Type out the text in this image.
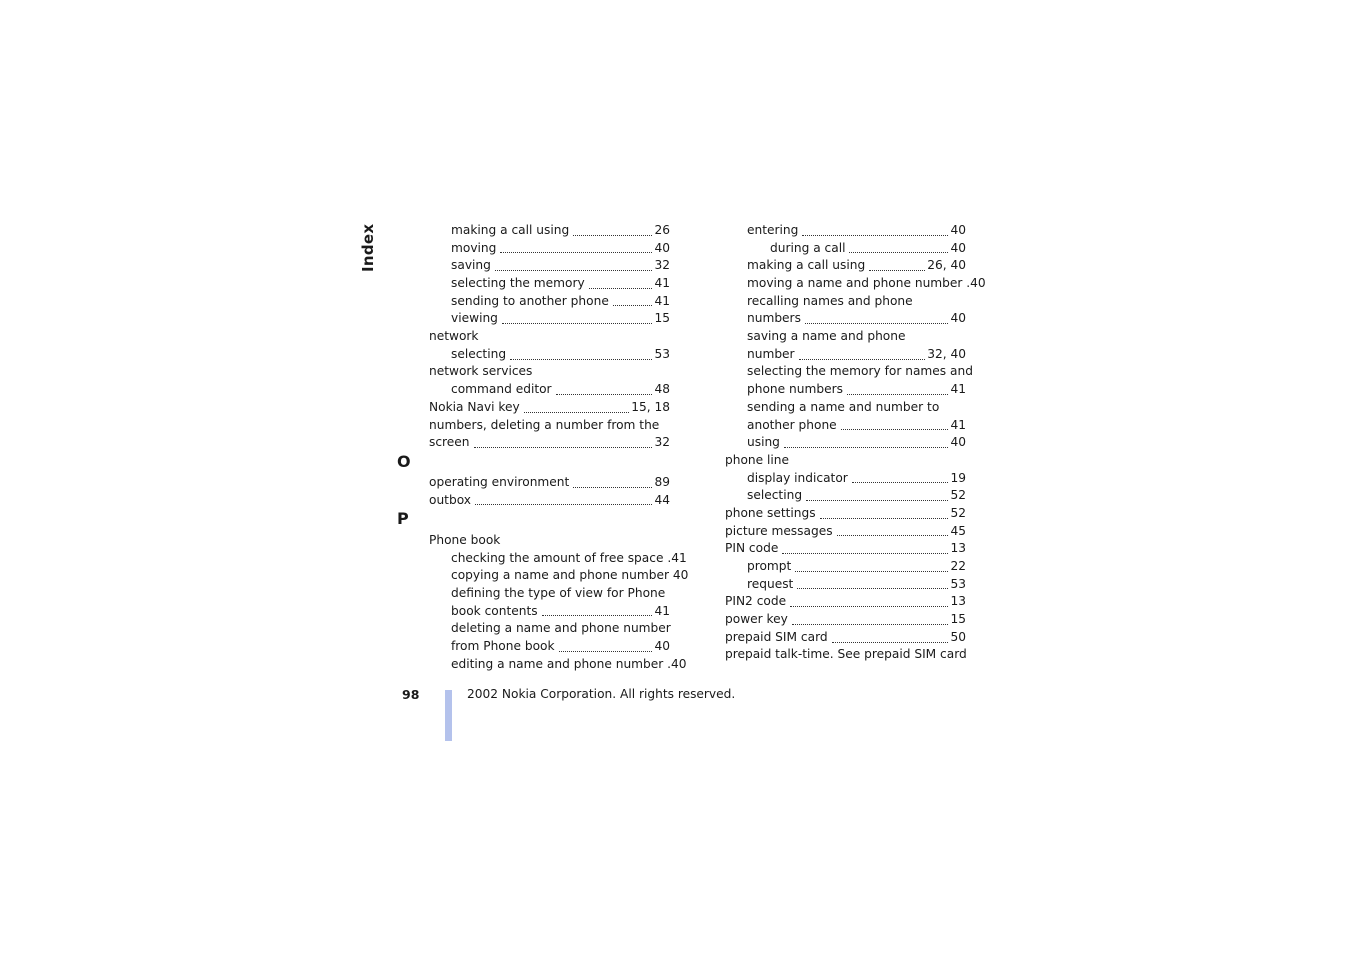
Index	making a call using	26
moving	40
saving	32
selecting the memory	41
sending to another phone	41
viewing	15
network
selecting	53
network services
command editor	48
Nokia Navi key	15, 18
numbers, deleting a number from the
screen	32
O
operating environment	89
outbox	44
P
Phone book
checking the amount of free space .41
copying a name and phone number 40
defining the type of view for Phone
book contents	41
deleting a name and phone number
from Phone book	40
editing a name and phone number .40
entering	40
during a call	40
making a call using	26, 40
moving a name and phone number .40
recalling names and phone
numbers	40
saving a name and phone
number	32, 40
selecting the memory for names and
phone numbers	41
sending a name and number to
another phone	41
using	40
phone line
display indicator	19
selecting	52
phone settings	52
picture messages	45
PIN code	13
prompt	22
request	53
PIN2 code	13
power key	15
prepaid SIM card	50
prepaid talk-time. See prepaid SIM card
98	2002 Nokia Corporation. All rights reserved.
